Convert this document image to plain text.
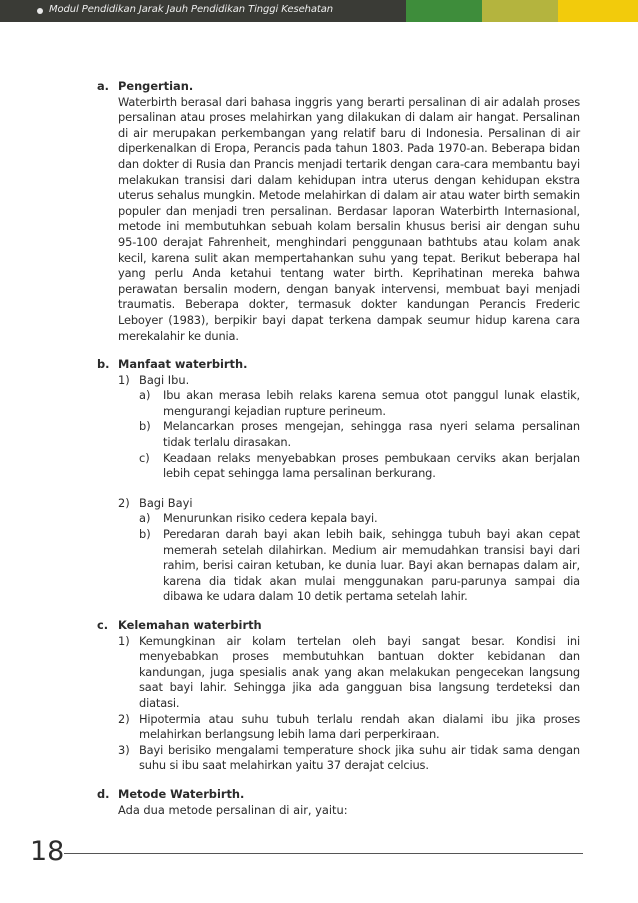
Modul Pendidikan Jarak Jauh Pendidikan Tinggi Kesehatan
a. Pengertian.
Waterbirth berasal dari bahasa inggris yang berarti persalinan di air adalah proses persalinan atau proses melahirkan yang dilakukan di dalam air hangat. Persalinan di air merupakan perkembangan yang relatif baru di Indonesia. Persalinan di air diperkenalkan di Eropa, Perancis pada tahun 1803. Pada 1970-an. Beberapa bidan dan dokter di Rusia dan Prancis menjadi tertarik dengan cara-cara membantu bayi melakukan transisi dari dalam kehidupan intra uterus dengan kehidupan ekstra uterus sehalus mungkin. Metode melahirkan di dalam air atau water birth semakin populer dan menjadi tren persalinan. Berdasar laporan Waterbirth Internasional, metode ini membutuhkan sebuah kolam bersalin khusus berisi air dengan suhu 95-100 derajat Fahrenheit, menghindari penggunaan bathtubs atau kolam anak kecil, karena sulit akan mempertahankan suhu yang tepat. Berikut beberapa hal yang perlu Anda ketahui tentang water birth. Keprihatinan mereka bahwa perawatan bersalin modern, dengan banyak intervensi, membuat bayi menjadi traumatis. Beberapa dokter, termasuk dokter kandungan Perancis Frederic Leboyer (1983), berpikir bayi dapat terkena dampak seumur hidup karena cara merekalahir ke dunia.
b. Manfaat waterbirth.
1) Bagi Ibu.
a) Ibu akan merasa lebih relaks karena semua otot panggul lunak elastik, mengurangi kejadian rupture perineum.
b) Melancarkan proses mengejan, sehingga rasa nyeri selama persalinan tidak terlalu dirasakan.
c) Keadaan relaks menyebabkan proses pembukaan cerviks akan berjalan lebih cepat sehingga lama persalinan berkurang.
2) Bagi Bayi
a) Menurunkan risiko cedera kepala bayi.
b) Peredaran darah bayi akan lebih baik, sehingga tubuh bayi akan cepat memerah setelah dilahirkan. Medium air memudahkan transisi bayi dari rahim, berisi cairan ketuban, ke dunia luar. Bayi akan bernapas dalam air, karena dia tidak akan mulai menggunakan paru-parunya sampai dia dibawa ke udara dalam 10 detik pertama setelah lahir.
c. Kelemahan waterbirth
1) Kemungkinan air kolam tertelan oleh bayi sangat besar. Kondisi ini menyebabkan proses membutuhkan bantuan dokter kebidanan dan kandungan, juga spesialis anak yang akan melakukan pengecekan langsung saat bayi lahir. Sehingga jika ada gangguan bisa langsung terdeteksi dan diatasi.
2) Hipotermia atau suhu tubuh terlalu rendah akan dialami ibu jika proses melahirkan berlangsung lebih lama dari perperkiraan.
3) Bayi berisiko mengalami temperature shock jika suhu air tidak sama dengan suhu si ibu saat melahirkan yaitu 37 derajat celcius.
d. Metode Waterbirth.
Ada dua metode persalinan di air, yaitu:
18
